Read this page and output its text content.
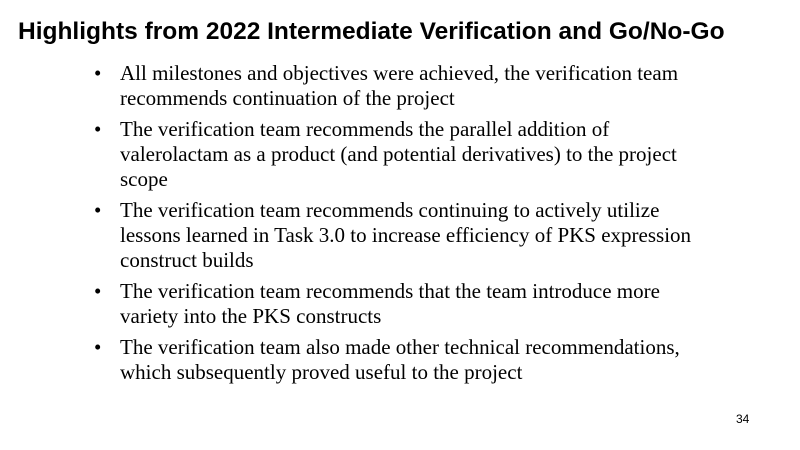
Highlights from 2022 Intermediate Verification and Go/No-Go
• All milestones and objectives were achieved, the verification team recommends continuation of the project
• The verification team recommends the parallel addition of valerolactam as a product (and potential derivatives) to the project scope
• The verification team recommends continuing to actively utilize lessons learned in Task 3.0 to increase efficiency of PKS expression construct builds
• The verification team recommends that the team introduce more variety into the PKS constructs
• The verification team also made other technical recommendations, which subsequently proved useful to the project
34
